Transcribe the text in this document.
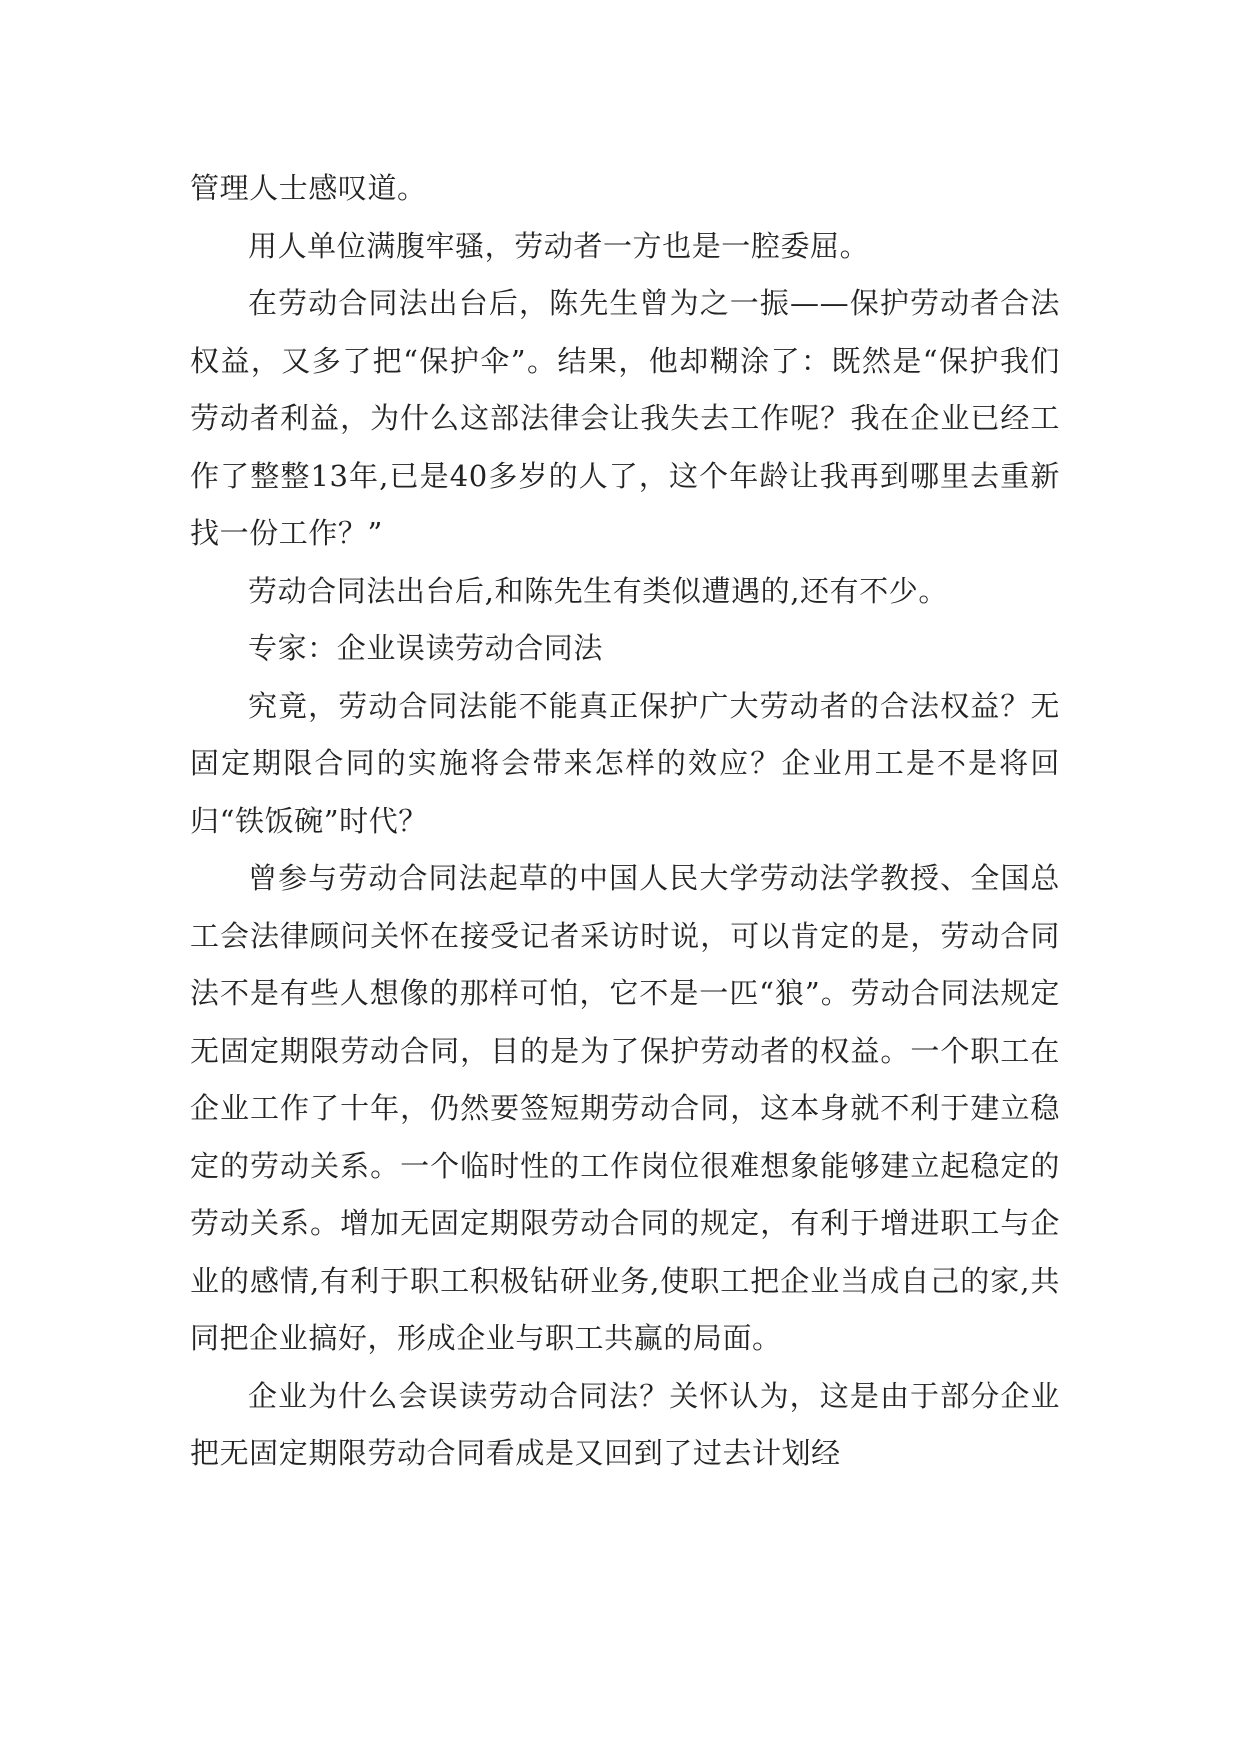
管理人士感叹道。

用人单位满腹牢骚，劳动者一方也是一腔委屈。

在劳动合同法出台后，陈先生曾为之一振——保护劳动者合法权益，又多了把“保护伞”。结果，他却糊涂了：既然是“保护我们劳动者利益，为什么这部法律会让我失去工作呢？我在企业已经工作了整整13年,已是40多岁的人了，这个年龄让我再到哪里去重新找一份工作？”

劳动合同法出台后,和陈先生有类似遭遇的,还有不少。

专家：企业误读劳动合同法

究竟，劳动合同法能不能真正保护广大劳动者的合法权益？无固定期限合同的实施将会带来怎样的效应？企业用工是不是将回归“铁饭碗”时代？

曾参与劳动合同法起草的中国人民大学劳动法学教授、全国总工会法律顾问关怀在接受记者采访时说，可以肯定的是，劳动合同法不是有些人想像的那样可怕，它不是一匹“狼”。劳动合同法规定无固定期限劳动合同，目的是为了保护劳动者的权益。一个职工在企业工作了十年，仍然要签短期劳动合同，这本身就不利于建立稳定的劳动关系。一个临时性的工作岗位很难想象能够建立起稳定的劳动关系。增加无固定期限劳动合同的规定，有利于增进职工与企业的感情,有利于职工积极钻研业务,使职工把企业当成自己的家,共同把企业搞好，形成企业与职工共赢的局面。

企业为什么会误读劳动合同法？关怀认为，这是由于部分企业把无固定期限劳动合同看成是又回到了过去计划经
